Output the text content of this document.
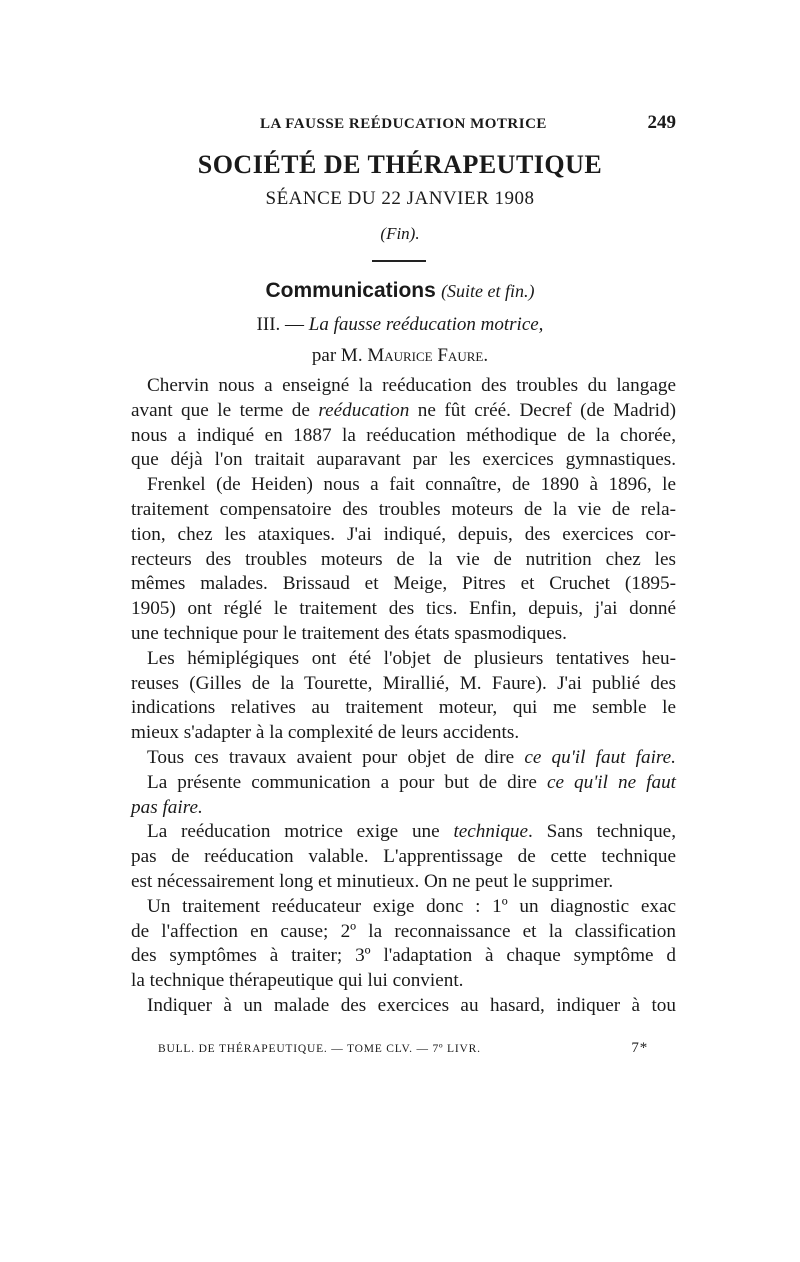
LA FAUSSE REÉDUCATION MOTRICE	249
SOCIÉTÉ DE THÉRAPEUTIQUE
SÉANCE DU 22 JANVIER 1908
(Fin).
Communications (Suite et fin.)
III. — La fausse reéducation motrice,
par M. Maurice Faure.
Chervin nous a enseigné la reéducation des troubles du langage
avant que le terme de reéducation ne fût créé. Decref (de Madrid)
nous a indiqué en 1887 la reéducation méthodique de la chorée,
que déjà l'on traitait auparavant par les exercices gymnastiques.
Frenkel (de Heiden) nous a fait connaître, de 1890 à 1896, le
traitement compensatoire des troubles moteurs de la vie de rela-
tion, chez les ataxiques. J'ai indiqué, depuis, des exercices cor-
recteurs des troubles moteurs de la vie de nutrition chez les
mêmes malades. Brissaud et Meige, Pitres et Cruchet (1895-
1905) ont réglé le traitement des tics. Enfin, depuis, j'ai donné
une technique pour le traitement des états spasmodiques.
Les hémiplégiques ont été l'objet de plusieurs tentatives heu-
reuses (Gilles de la Tourette, Mirallié, M. Faure). J'ai publié des
indications relatives au traitement moteur, qui me semble le
mieux s'adapter à la complexité de leurs accidents.
Tous ces travaux avaient pour objet de dire ce qu'il faut faire.
La présente communication a pour but de dire ce qu'il ne faut
pas faire.
La reéducation motrice exige une technique. Sans technique,
pas de reéducation valable. L'apprentissage de cette technique
est nécessairement long et minutieux. On ne peut le supprimer.
Un traitement reéducateur exige donc : 1º un diagnostic exac
de l'affection en cause; 2º la reconnaissance et la classification
des symptômes à traiter; 3º l'adaptation à chaque symptôme d
la technique thérapeutique qui lui convient.
Indiquer à un malade des exercices au hasard, indiquer à tou
BULL. DE THÉRAPEUTIQUE. — TOME CLV. — 7º LIVR.	7*
